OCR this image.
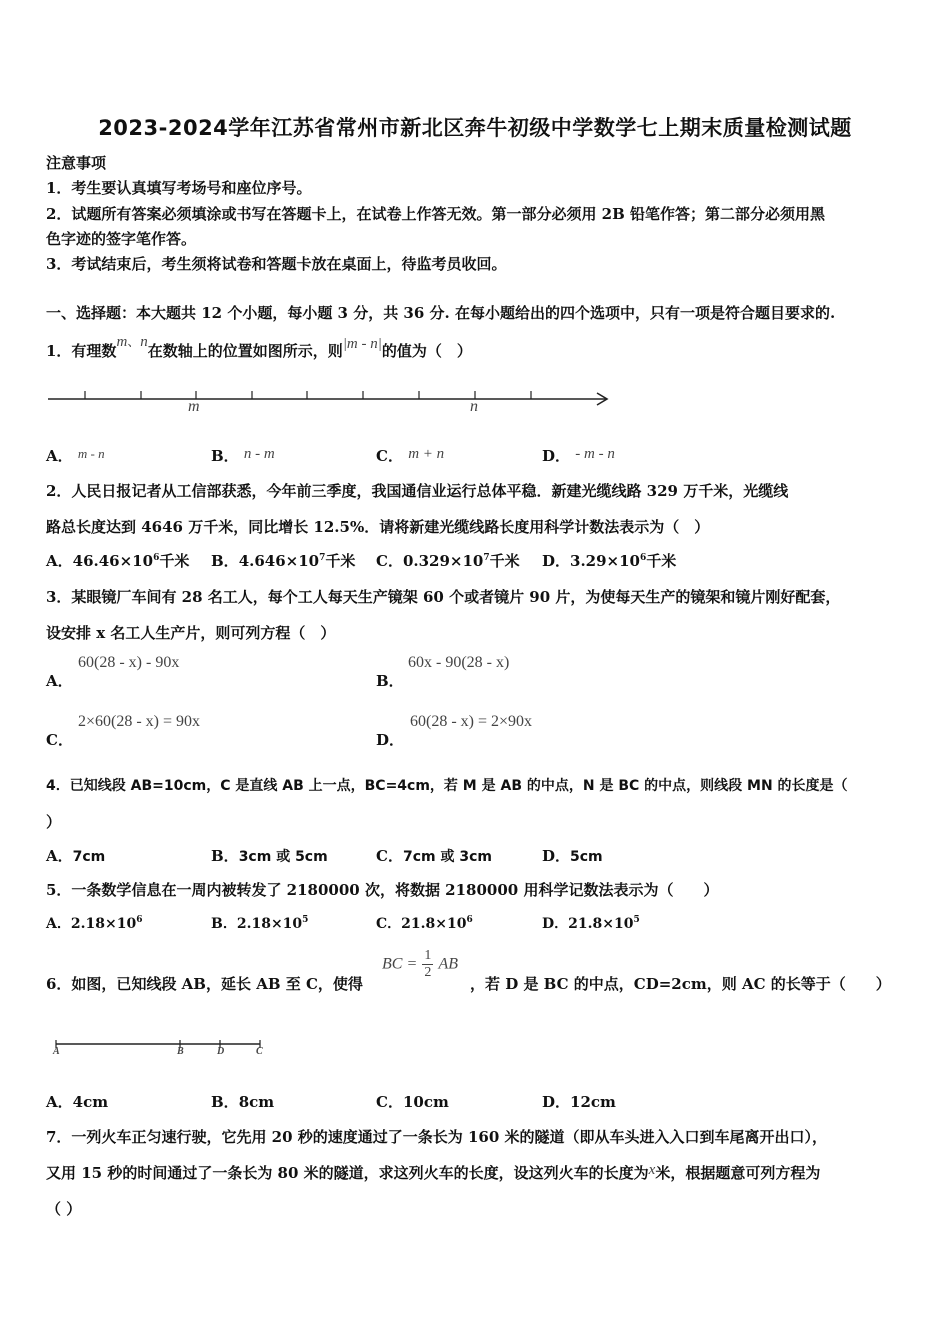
2023-2024学年江苏省常州市新北区奔牛初级中学数学七上期末质量检测试题
注意事项
1．考生要认真填写考场号和座位序号。
2．试题所有答案必须填涂或书写在答题卡上，在试卷上作答无效。第一部分必须用 2B 铅笔作答；第二部分必须用黑
色字迹的签字笔作答。
3．考试结束后，考生须将试卷和答题卡放在桌面上，待监考员收回。
一、选择题：本大题共 12 个小题，每小题 3 分，共 36 分. 在每小题给出的四个选项中，只有一项是符合题目要求的.
1．有理数m、n在数轴上的位置如图所示，则|m - n|的值为（　）
m	n
A． m - n	B． n - m	C． m + n	D． - m - n
2．人民日报记者从工信部获悉，今年前三季度，我国通信业运行总体平稳．新建光缆线路 329 万千米，光缆线
路总长度达到 4646 万千米，同比增长 12.5%．请将新建光缆线路长度用科学计数法表示为（　）
A．$46.46\times 10^6$千米 B．$4.646\times 10^7$千米 C．$0.329\times 10^7$千米 D．$3.29\times 10^6$千米
3．某眼镜厂车间有 28 名工人，每个工人每天生产镜架 60 个或者镜片 90 片，为使每天生产的镜架和镜片刚好配套，
设安排 x 名工人生产片，则可列方程（　）
A．
60(28 - x) - 90x
B．
60x - 90(28 - x)
C．
2×60(28 - x) = 90x
D．
60(28 - x) = 2×90x
4．已知线段 AB=10cm，C 是直线 AB 上一点，BC=4cm，若 M 是 AB 的中点，N 是 BC 的中点，则线段 MN 的长度是（
）
A．7cm	B．3cm 或 5cm	C．7cm 或 3cm	D．5cm
5．一条数学信息在一周内被转发了 2180000 次，将数据 2180000 用科学记数法表示为（　　）
A．$2.18\times 10^6$	B．$2.18\times 10^5$	C．$21.8\times 10^6$	D．$21.8\times 10^5$
6．如图，已知线段 AB，延长 AB 至 C，使得
BC = $\frac{1}{2}$ AB
，若 D 是 BC 的中点，CD=2cm，则 AC 的长等于（　　）
A	B	D	C
A．4cm	B．8cm	C．10cm	D．12cm
7．一列火车正匀速行驶，它先用 20 秒的速度通过了一条长为 160 米的隧道（即从车头进入入口到车尾离开出口），
又用 15 秒的时间通过了一条长为 80 米的隧道，求这列火车的长度，设这列火车的长度为x米，根据题意可列方程为
（ ）
